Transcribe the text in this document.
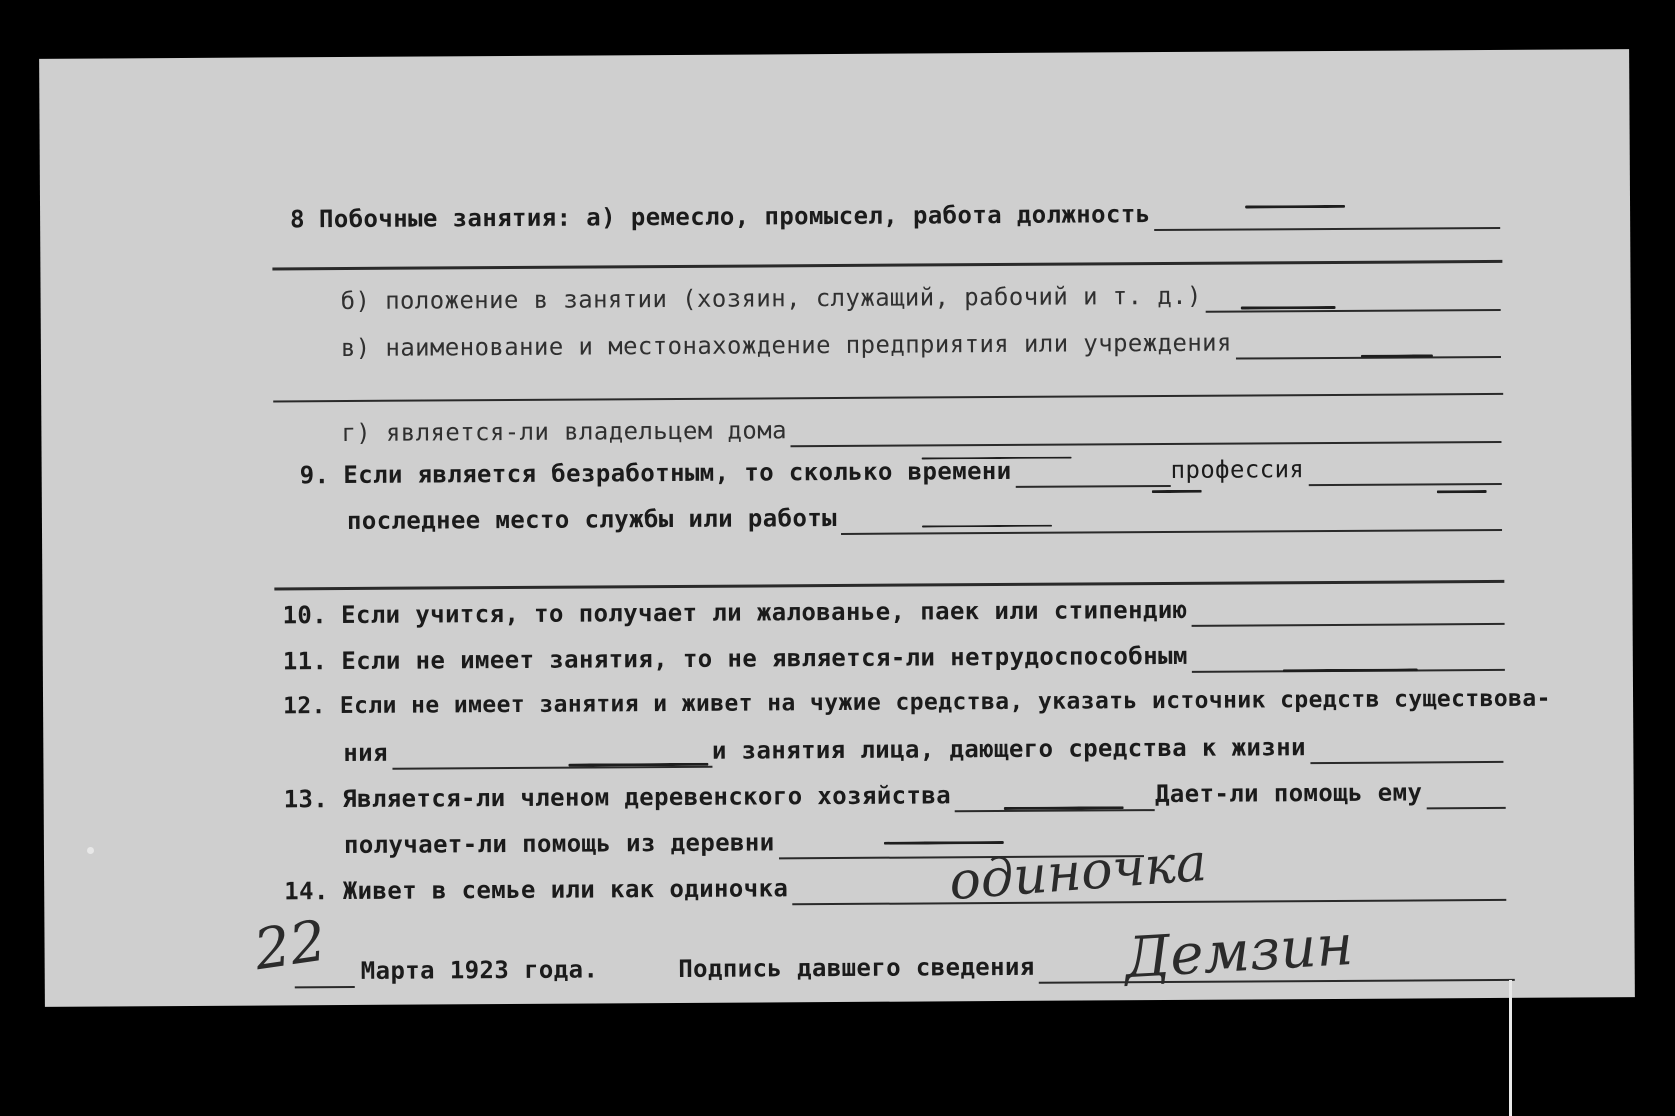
8 Побочные занятия: а) ремесло, промысел, работа должность
б) положение в занятии (хозяин, служащий, рабочий и т. д.)
в) наименование и местонахождение предприятия или учреждения
г) является-ли владельцем дома
9. Если является безработным, то сколько времени	профессия
последнее место службы или работы

10. Если учится, то получает ли жалованье, паек или стипендию
11. Если не имеет занятия, то не является-ли нетрудоспособным
12. Если не имеет занятия и живет на чужие средства, указать источник средств существова-
ния	и занятия лица, дающего средства к жизни
13. Является-ли членом деревенского хозяйства	Дает-ли помощь ему
получает-ли помощь из деревни
14. Живет в семье или как одиночка	одиночка
22 Марта 1923 года.	Подпись давшего сведения Демзин
